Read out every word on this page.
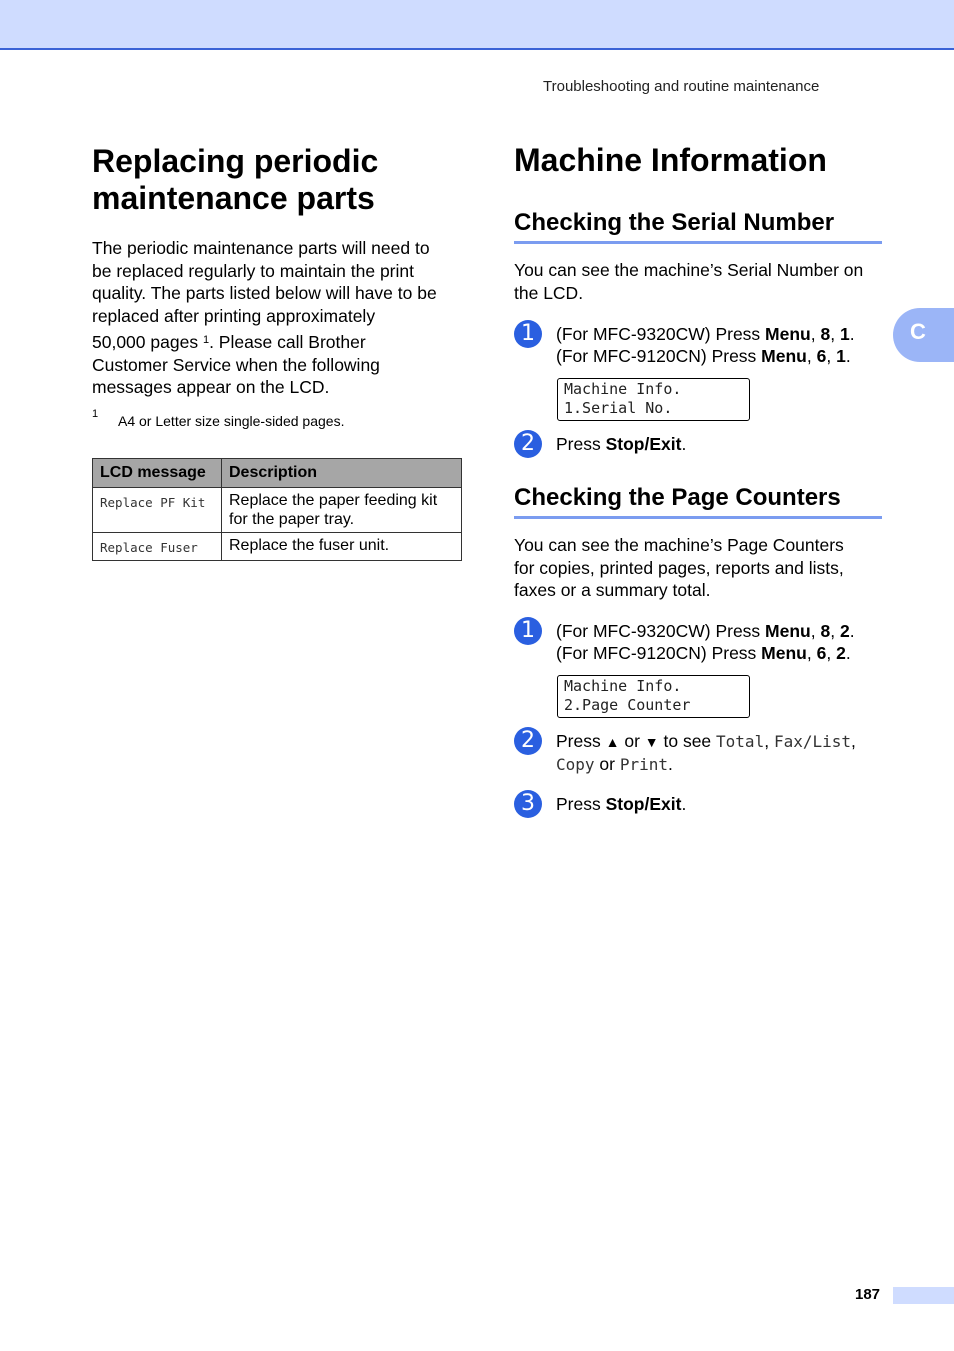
Troubleshooting and routine maintenance
Replacing periodic
maintenance parts
The periodic maintenance parts will need to
be replaced regularly to maintain the print
quality. The parts listed below will have to be
replaced after printing approximately
50,000 pages $^1$. Please call Brother
Customer Service when the following
messages appear on the LCD.
1 A4 or Letter size single-sided pages.
LCD message	Description
Replace PF Kit	Replace the paper feeding kit
for the paper tray.

Replace Fuser	Replace the fuser unit.
Machine Information
Checking the Serial Number
You can see the machine’s Serial Number on
the LCD.
1	(For MFC-9320CW) Press Menu, 8, 1.
(For MFC-9120CN) Press Menu, 6, 1.
Machine Info.
1.Serial No.
2	Press Stop/Exit.
Checking the Page Counters
You can see the machine’s Page Counters
for copies, printed pages, reports and lists,
faxes or a summary total.
1	(For MFC-9320CW) Press Menu, 8, 2.
(For MFC-9120CN) Press Menu, 6, 2.
Machine Info.
2.Page Counter
2	Press ▲ or ▼ to see Total, Fax/List,
Copy or Print.
3	Press Stop/Exit.
C
187
